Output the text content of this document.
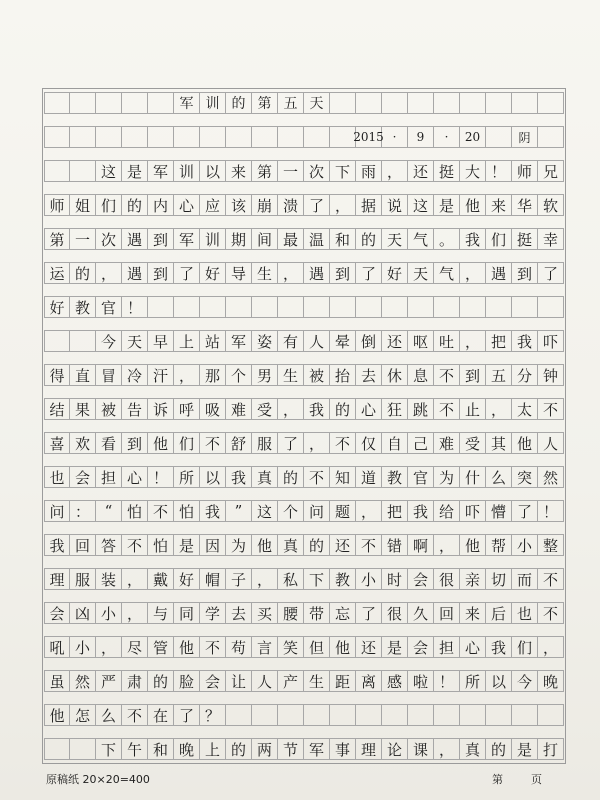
军 训 的 第 五 天
2015 ·	9	·	20	阴
这 是 军 训 以 来 第 一 次 下 雨 ， 还 挺 大 ！ 师 兄
师 姐 们 的 内 心 应 该 崩 溃 了 ， 据 说 这 是 他 来 华 软
第 一 次 遇 到 军 训 期 间 最 温 和 的 天 气 。 我 们 挺 幸
运 的 ， 遇 到 了 好 导 生 ， 遇 到 了 好 天 气 ， 遇 到 了
好 教 官 ！
今 天 早 上 站 军 姿 有 人 晕 倒 还 呕 吐 ， 把 我 吓
得 直 冒 冷 汗 ， 那 个 男 生 被 抬 去 休 息 不 到 五 分 钟
结 果 被 告 诉 呼 吸 难 受 ， 我 的 心 狂 跳 不 止 ， 太 不
喜 欢 看 到 他 们 不 舒 服 了 ， 不 仅 自 己 难 受 其 他 人
也 会 担 心 ！ 所 以 我 真 的 不 知 道 教 官 为 什 么 突 然
问 ： “ 怕 不 怕 我 ” 这 个 问 题 ， 把 我 给 吓 懵 了 ！
我 回 答 不 怕 是 因 为 他 真 的 还 不 错 啊 ， 他 帮 小 整
理 服 装 ， 戴 好 帽 子 ， 私 下 教 小 时 会 很 亲 切 而 不
会 凶 小 ， 与 同 学 去 买 腰 带 忘 了 很 久 回 来 后 也 不
吼 小 ， 尽 管 他 不 苟 言 笑 但 他 还 是 会 担 心 我 们 ，
虽 然 严 肃 的 脸 会 让 人 产 生 距 离 感 啦 ！ 所 以 今 晚
他 怎 么 不 在 了 ？
下 午 和 晚 上 的 两 节 军 事 理 论 课 ， 真 的 是 打
原稿纸 20×20=400	第	页
